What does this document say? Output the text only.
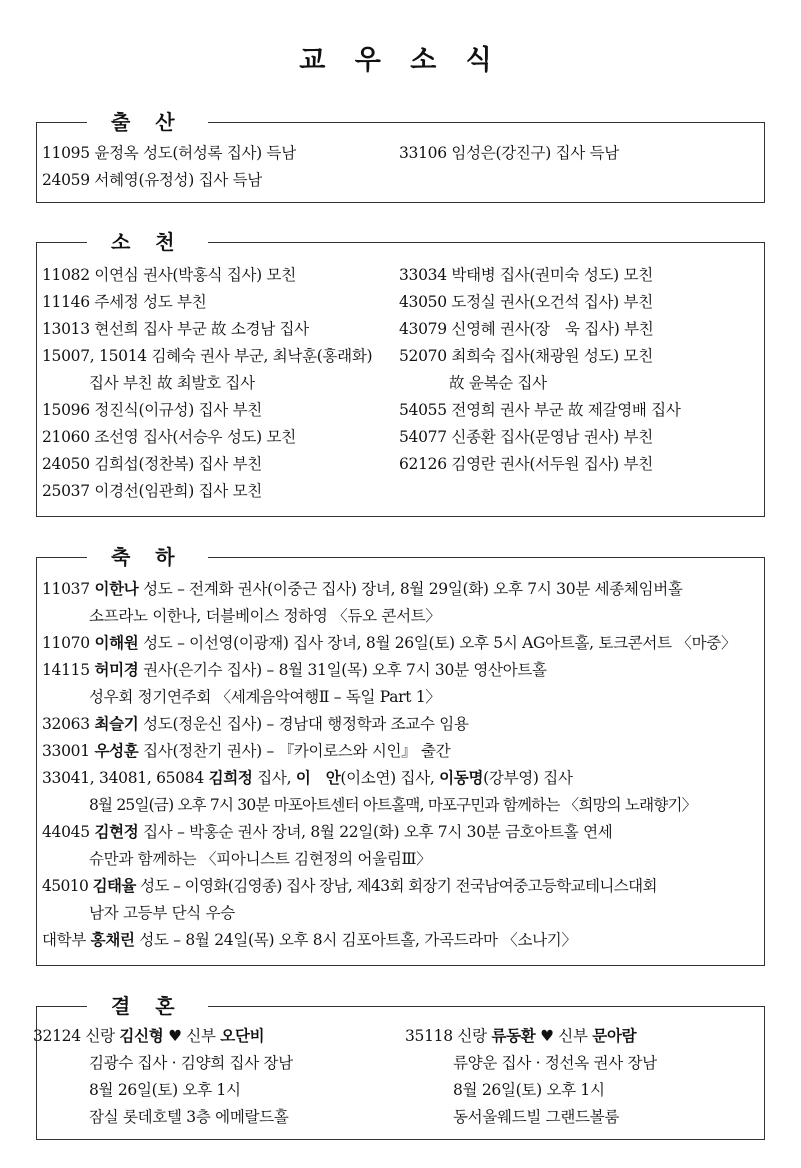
교 우 소 식
출 산
11095 윤정옥 성도(허성록 집사) 득남
24059 서혜영(유정성) 집사 득남
33106 임성은(강진구) 집사 득남
소 천
11082 이연심 권사(박홍식 집사) 모친
11146 주세정 성도 부친
13013 현선희 집사 부군 故 소경남 집사
15007, 15014 김혜숙 권사 부군, 최낙훈(홍래화)
집사 부친 故 최발호 집사
15096 정진식(이규성) 집사 부친
21060 조선영 집사(서승우 성도) 모친
24050 김희섭(정찬복) 집사 부친
25037 이경선(임관희) 집사 모친
33034 박태병 집사(권미숙 성도) 모친
43050 도정실 권사(오건석 집사) 부친
43079 신영혜 권사(장　욱 집사) 부친
52070 최희숙 집사(채광원 성도) 모친
故 윤복순 집사
54055 전영희 권사 부군 故 제갈영배 집사
54077 신종환 집사(문영남 권사) 부친
62126 김영란 권사(서두원 집사) 부친
축 하
11037 이한나 성도 – 전계화 권사(이중근 집사) 장녀, 8월 29일(화) 오후 7시 30분 세종체임버홀
소프라노 이한나, 더블베이스 정하영 〈듀오 콘서트〉
11070 이해원 성도 – 이선영(이광재) 집사 장녀, 8월 26일(토) 오후 5시 AG아트홀, 토크콘서트 〈마중〉
14115 허미경 권사(은기수 집사) – 8월 31일(목) 오후 7시 30분 영산아트홀
성우회 정기연주회 〈세계음악여행Ⅱ – 독일 Part 1〉
32063 최슬기 성도(정운신 집사) – 경남대 행정학과 조교수 임용
33001 우성훈 집사(정찬기 권사) – 『카이로스와 시인』 출간
33041, 34081, 65084 김희정 집사, 이　안(이소연) 집사, 이동명(강부영) 집사
8월 25일(금) 오후 7시 30분 마포아트센터 아트홀맥, 마포구민과 함께하는 〈희망의 노래향기〉
44045 김현정 집사 – 박홍순 권사 장녀, 8월 22일(화) 오후 7시 30분 금호아트홀 연세
슈만과 함께하는 〈피아니스트 김현정의 어울림Ⅲ〉
45010 김태율 성도 – 이영화(김영종) 집사 장남, 제43회 회장기 전국남여중고등학교테니스대회
남자 고등부 단식 우승
대학부 홍채린 성도 – 8월 24일(목) 오후 8시 김포아트홀, 가곡드라마 〈소나기〉
결 혼
32124 신랑 김신형 ♥ 신부 오단비
김광수 집사 · 김양희 집사 장남
8월 26일(토) 오후 1시
잠실 롯데호텔 3층 에메랄드홀
35118 신랑 류동환 ♥ 신부 문아람
류양운 집사 · 정선옥 권사 장남
8월 26일(토) 오후 1시
동서울웨드빌 그랜드볼룸
